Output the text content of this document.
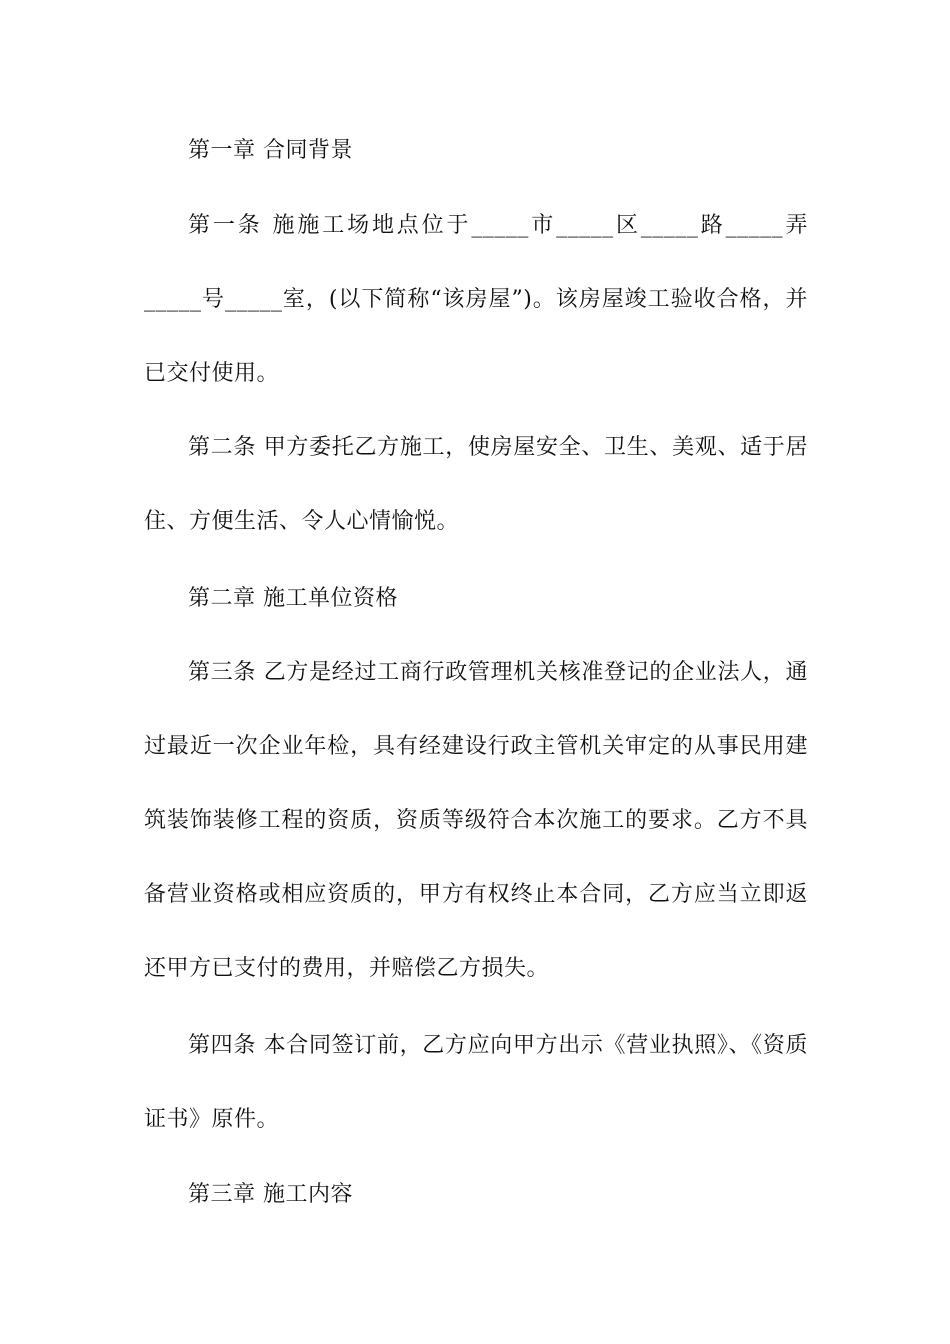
第一章 合同背景

第一条 施施工场地点位于_____市_____区_____路_____弄_____号_____室，(以下简称“该房屋”)。该房屋竣工验收合格，并已交付使用。

第二条 甲方委托乙方施工，使房屋安全、卫生、美观、适于居住、方便生活、令人心情愉悦。

第二章 施工单位资格

第三条 乙方是经过工商行政管理机关核准登记的企业法人，通过最近一次企业年检，具有经建设行政主管机关审定的从事民用建筑装饰装修工程的资质，资质等级符合本次施工的要求。乙方不具备营业资格或相应资质的，甲方有权终止本合同，乙方应当立即返还甲方已支付的费用，并赔偿乙方损失。

第四条 本合同签订前，乙方应向甲方出示《营业执照》、《资质证书》原件。

第三章 施工内容
